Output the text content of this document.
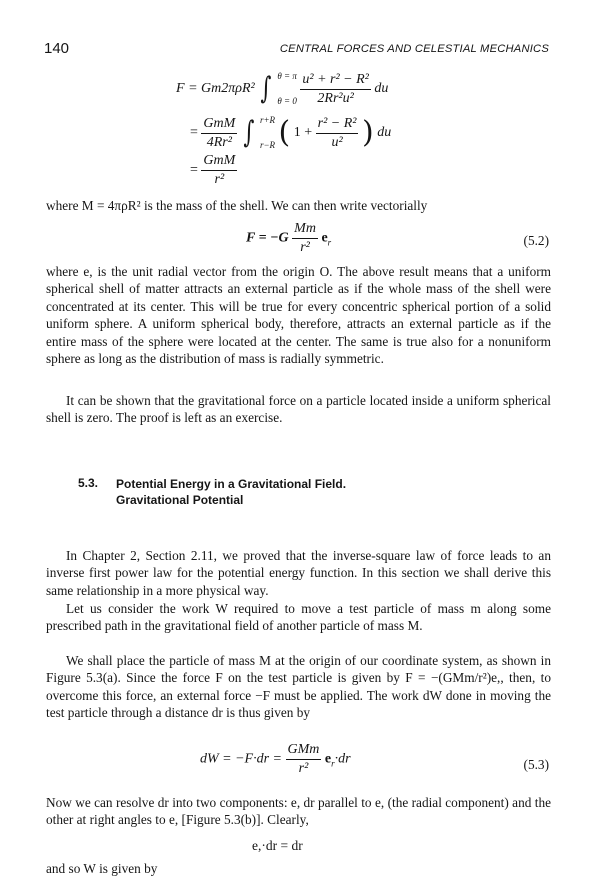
140	CENTRAL FORCES AND CELESTIAL MECHANICS
F = Gm2πρR² ∫ θ = π
θ = 0
$\frac{\text{u² + r² − R²}}{\text{2Rr²u²}}$ du
= $\frac{\text{GmM}}{\text{4Rr²}}$ ∫ r+R
r−R ( $1 + \frac{\text{r² − R²}}{\text{u²}}$ ) du
= $\frac{\text{GmM}}{\text{r²}}$
where M = 4πρR² is the mass of the shell. We can then write vectorially
$F = -G \frac{Mm}{\text{r²}} e_r$	(5.2)
where e, is the unit radial vector from the origin O. The above result means that a uniform spherical shell of matter attracts an external particle as if the whole mass of the shell were concentrated at its center. This will be true for every concentric spherical portion of a solid uniform sphere. A uniform spherical body, therefore, attracts an external particle as if the entire mass of the sphere were located at the center. The same is true also for a nonuniform sphere as long as the distribution of mass is radially symmetric.
It can be shown that the gravitational force on a particle located inside a uniform spherical shell is zero. The proof is left as an exercise.
5.3. Potential Energy in a Gravitational Field.
Gravitational Potential
In Chapter 2, Section 2.11, we proved that the inverse-square law of force leads to an inverse first power law for the potential energy function. In this section we shall derive this same relationship in a more physical way.
Let us consider the work W required to move a test particle of mass m along some prescribed path in the gravitational field of another particle of mass M.
We shall place the particle of mass M at the origin of our coordinate system, as shown in Figure 5.3(a). Since the force F on the test particle is given by F = −(GMm/r²)e,, then, to overcome this force, an external force −F must be applied. The work dW done in moving the test particle through a distance dr is thus given by
dW = $-F\cdot dr = \frac{\text{GMm}}{\text{r²}} e_r\cdot dr$	(5.3)
Now we can resolve dr into two components: e, dr parallel to e, (the radial component) and the other at right angles to e, [Figure 5.3(b)]. Clearly,
e,·dr = dr
and so W is given by
